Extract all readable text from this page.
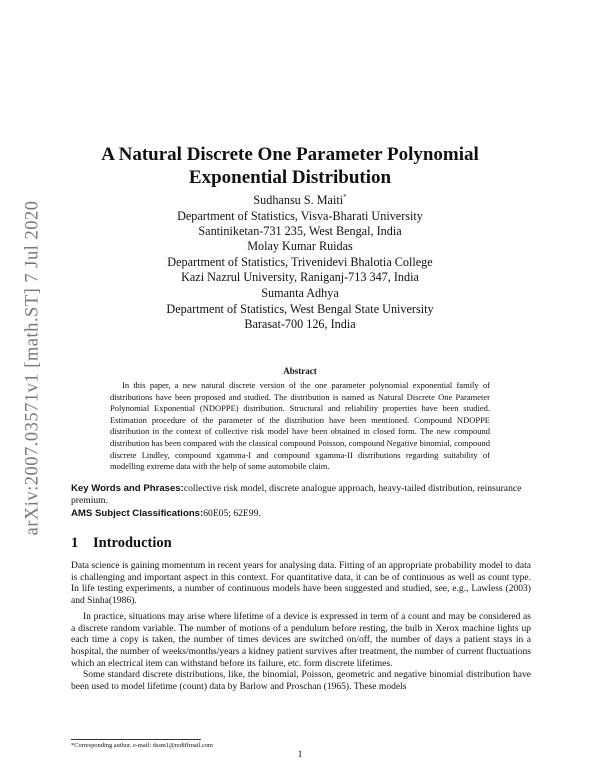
arXiv:2007.03571v1 [math.ST] 7 Jul 2020
A Natural Discrete One Parameter Polynomial Exponential Distribution
Sudhansu S. Maiti*
Department of Statistics, Visva-Bharati University
Santiniketan-731 235, West Bengal, India
Molay Kumar Ruidas
Department of Statistics, Trivenidevi Bhalotia College
Kazi Nazrul University, Raniganj-713 347, India
Sumanta Adhya
Department of Statistics, West Bengal State University
Barasat-700 126, India
Abstract

In this paper, a new natural discrete version of the one parameter polynomial exponential family of distributions have been proposed and studied. The distribution is named as Natural Discrete One Parameter Polynomial Exponential (NDOPPE) distribution. Structural and reliability properties have been studied. Estimation procedure of the parameter of the distribution have been mentioned. Compound NDOPPE distribution in the context of collective risk model have been obtained in closed form. The new compound distribution has been compared with the classical compound Poisson, compound Negative binomial, compound discrete Lindley, compound xgamma-I and compound xgamma-II distributions regarding suitability of modelling extreme data with the help of some automobile claim.

Key Words and Phrases:collective risk model, discrete analogue approach, heavy-tailed distribution, reinsurance premium.

AMS Subject Classifications:60E05; 62E99.

1 Introduction

Data science is gaining momentum in recent years for analysing data. Fitting of an appropriate probability model to data is challenging and important aspect in this context. For quantitative data, it can be of continuous as well as count type. In life testing experiments, a number of continuous models have been suggested and studied, see, e.g., Lawless (2003) and Sinha(1986).

In practice, situations may arise where lifetime of a device is expressed in term of a count and may be considered as a discrete random variable. The number of motions of a pendulum before resting, the bulb in Xerox machine lights up each time a copy is taken, the number of times devices are switched on/off, the number of days a patient stays in a hospital, the number of weeks/months/years a kidney patient survives after treatment, the number of current fluctuations which an electrical item can withstand before its failure, etc. form discrete lifetimes.

Some standard discrete distributions, like, the binomial, Poisson, geometric and negative binomial distribution have been used to model lifetime (count) data by Barlow and Proschan (1965). These models

*Corresponding author. e-mail: dssm1@rediffmail.com
1
